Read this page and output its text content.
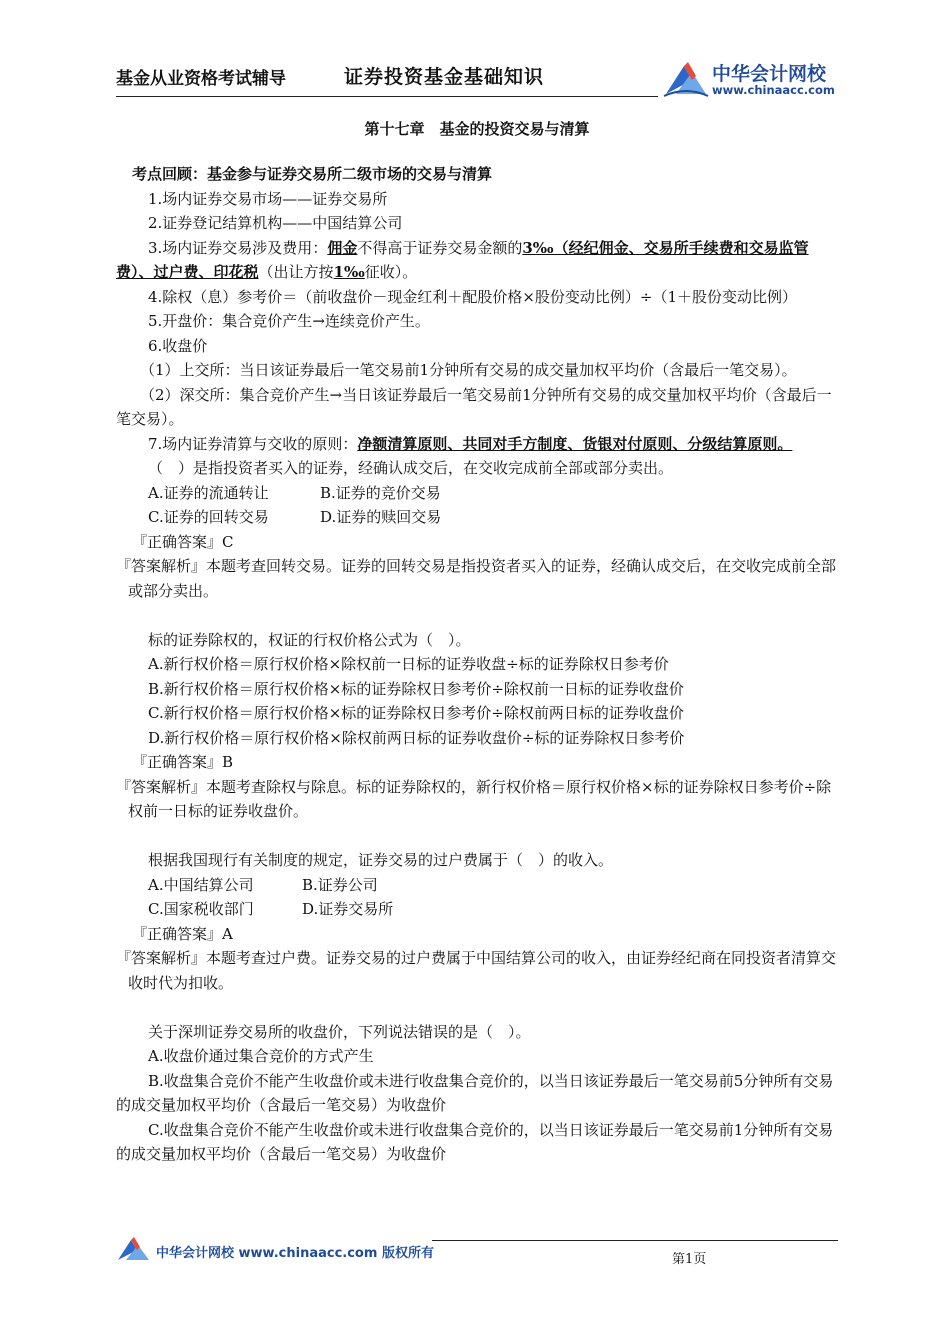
基金从业资格考试辅导	证券投资基金基础知识	中华会计网校
www.chinaacc.com

第十七章　基金的投资交易与清算

考点回顾：基金参与证券交易所二级市场的交易与清算

1.场内证券交易市场——证券交易所

2.证券登记结算机构——中国结算公司

3.场内证券交易涉及费用：佣金不得高于证券交易金额的3‰（经纪佣金、交易所手续费和交易监管费）、过户费、印花税（出让方按1‰征收）。

4.除权（息）参考价＝（前收盘价－现金红利＋配股价格×股份变动比例）÷（1＋股份变动比例）

5.开盘价：集合竞价产生→连续竞价产生。

6.收盘价

（1）上交所：当日该证券最后一笔交易前1分钟所有交易的成交量加权平均价（含最后一笔交易）。

（2）深交所：集合竞价产生→当日该证券最后一笔交易前1分钟所有交易的成交量加权平均价（含最后一笔交易）。

7.场内证券清算与交收的原则：净额清算原则、共同对手方制度、货银对付原则、分级结算原则。

（　）是指投资者买入的证券，经确认成交后，在交收完成前全部或部分卖出。

A.证券的流通转让	B.证券的竞价交易

C.证券的回转交易	D.证券的赎回交易

『正确答案』C

『答案解析』本题考查回转交易。证券的回转交易是指投资者买入的证券，经确认成交后，在交收完成前全部或部分卖出。

标的证券除权的，权证的行权价格公式为（　）。

A.新行权价格＝原行权价格×除权前一日标的证券收盘÷标的证券除权日参考价

B.新行权价格＝原行权价格×标的证券除权日参考价÷除权前一日标的证券收盘价

C.新行权价格＝原行权价格×标的证券除权日参考价÷除权前两日标的证券收盘价

D.新行权价格＝原行权价格×除权前两日标的证券收盘价÷标的证券除权日参考价

『正确答案』B

『答案解析』本题考查除权与除息。标的证券除权的，新行权价格＝原行权价格×标的证券除权日参考价÷除权前一日标的证券收盘价。

根据我国现行有关制度的规定，证券交易的过户费属于（　）的收入。

A.中国结算公司	B.证券公司

C.国家税收部门	D.证券交易所

『正确答案』A

『答案解析』本题考查过户费。证券交易的过户费属于中国结算公司的收入，由证券经纪商在同投资者清算交收时代为扣收。

关于深圳证券交易所的收盘价，下列说法错误的是（　）。

A.收盘价通过集合竞价的方式产生

B.收盘集合竞价不能产生收盘价或未进行收盘集合竞价的，以当日该证券最后一笔交易前5分钟所有交易的成交量加权平均价（含最后一笔交易）为收盘价

C.收盘集合竞价不能产生收盘价或未进行收盘集合竞价的，以当日该证券最后一笔交易前1分钟所有交易的成交量加权平均价（含最后一笔交易）为收盘价

中华会计网校 www.chinaacc.com 版权所有	第1页
